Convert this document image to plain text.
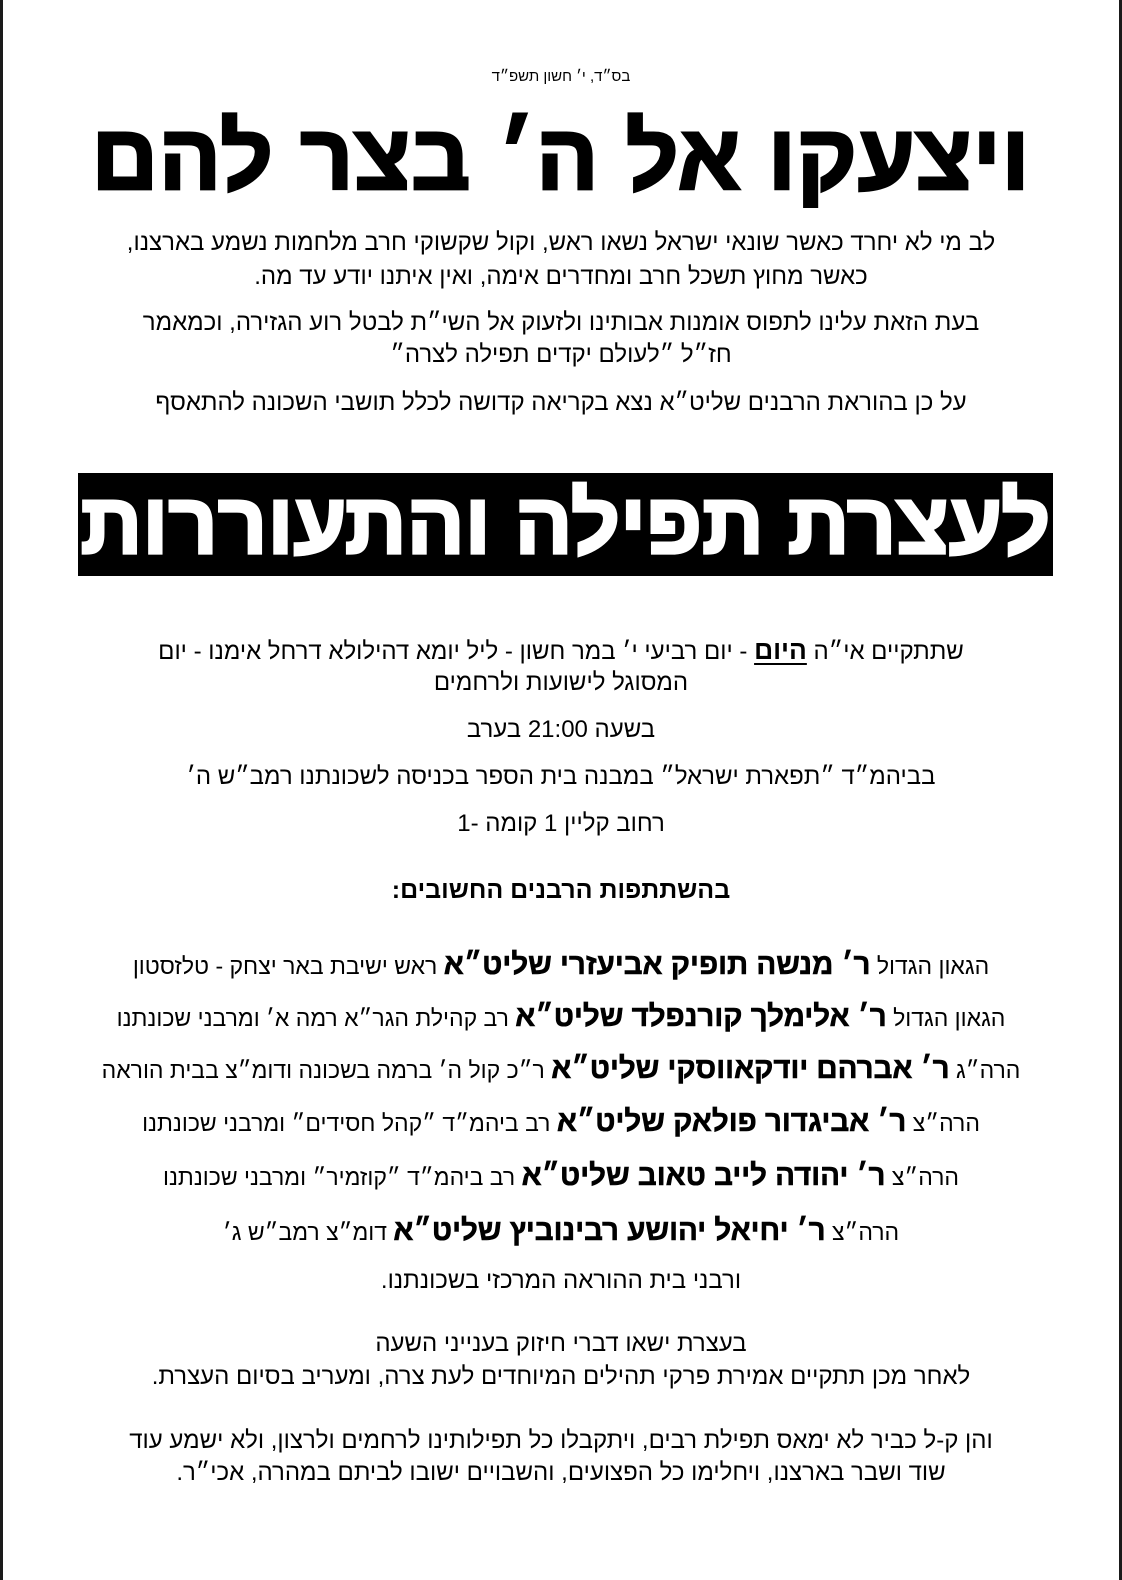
בס״ד, י׳ חשון תשפ״ד
ויצעקו אל ה׳ בצר להם
לב מי לא יחרד כאשר שונאי ישראל נשאו ראש, וקול שקשוקי חרב מלחמות נשמע בארצנו,
כאשר מחוץ תשכל חרב ומחדרים אימה, ואין איתנו יודע עד מה.
בעת הזאת עלינו לתפוס אומנות אבותינו ולזעוק אל השי״ת לבטל רוע הגזירה, וכמאמר
חז״ל ״לעולם יקדים תפילה לצרה״
על כן בהוראת הרבנים שליט״א נצא בקריאה קדושה לכלל תושבי השכונה להתאסף
לעצרת תפילה והתעוררות
שתתקיים אי״ה היום - יום רביעי י׳ במר חשון - ליל יומא דהילולא דרחל אימנו - יום
המסוגל לישועות ולרחמים
בשעה 21:00 בערב
בביהמ״ד ״תפארת ישראל״ במבנה בית הספר בכניסה לשכונתנו רמב״ש ה׳
רחוב קליין 1 קומה -1
בהשתתפות הרבנים החשובים:
הגאון הגדול ר׳ מנשה תופיק אביעזרי שליט״א ראש ישיבת באר יצחק - טלזסטון
הגאון הגדול ר׳ אלימלך קורנפלד שליט״א רב קהילת הגר״א רמה א׳ ומרבני שכונתנו
הרה״ג ר׳ אברהם יודקאווסקי שליט״א ר״כ קול ה׳ ברמה בשכונה ודומ״צ בבית הוראה
הרה״צ ר׳ אביגדור פולאק שליט״א רב ביהמ״ד ״קהל חסידים״ ומרבני שכונתנו
הרה״צ ר׳ יהודה לייב טאוב שליט״א רב ביהמ״ד ״קוזמיר״ ומרבני שכונתנו
הרה״צ ר׳ יחיאל יהושע רבינוביץ שליט״א דומ״צ רמב״ש ג׳
ורבני בית ההוראה המרכזי בשכונתנו.
בעצרת ישאו דברי חיזוק בענייני השעה
לאחר מכן תתקיים אמירת פרקי תהילים המיוחדים לעת צרה, ומעריב בסיום העצרת.
והן ק-ל כביר לא ימאס תפילת רבים, ויתקבלו כל תפילותינו לרחמים ולרצון, ולא ישמע עוד
שוד ושבר בארצנו, ויחלימו כל הפצועים, והשבויים ישובו לביתם במהרה, אכי״ר.
